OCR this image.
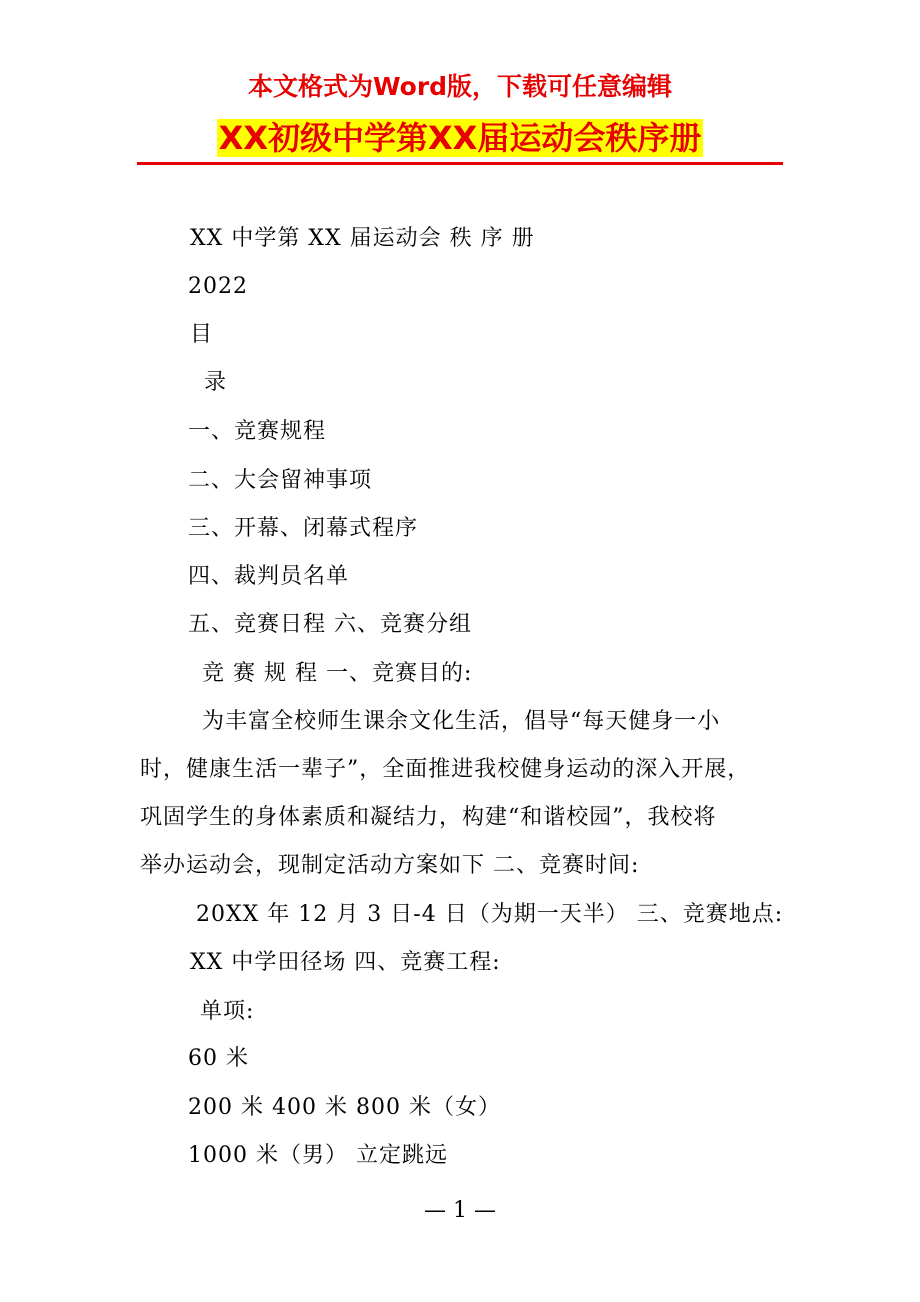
本文格式为Word版，下载可任意编辑
XX初级中学第XX届运动会秩序册
XX 中学第 XX 届运动会 秩 序 册
2022
目
录
一、竞赛规程
二、大会留神事项
三、开幕、闭幕式程序
四、裁判员名单
五、竞赛日程 六、竞赛分组
竞 赛 规 程 一、竞赛目的:
为丰富全校师生课余文化生活，倡导“每天健身一小
时，健康生活一辈子”，全面推进我校健身运动的深入开展，
巩固学生的身体素质和凝结力，构建“和谐校园”，我校将
举办运动会，现制定活动方案如下 二、竞赛时间:
20XX 年 12 月 3 日-4 日（为期一天半） 三、竞赛地点:
XX 中学田径场 四、竞赛工程:
单项:
60 米
200 米 400 米 800 米（女）
1000 米（男） 立定跳远
— 1 —
